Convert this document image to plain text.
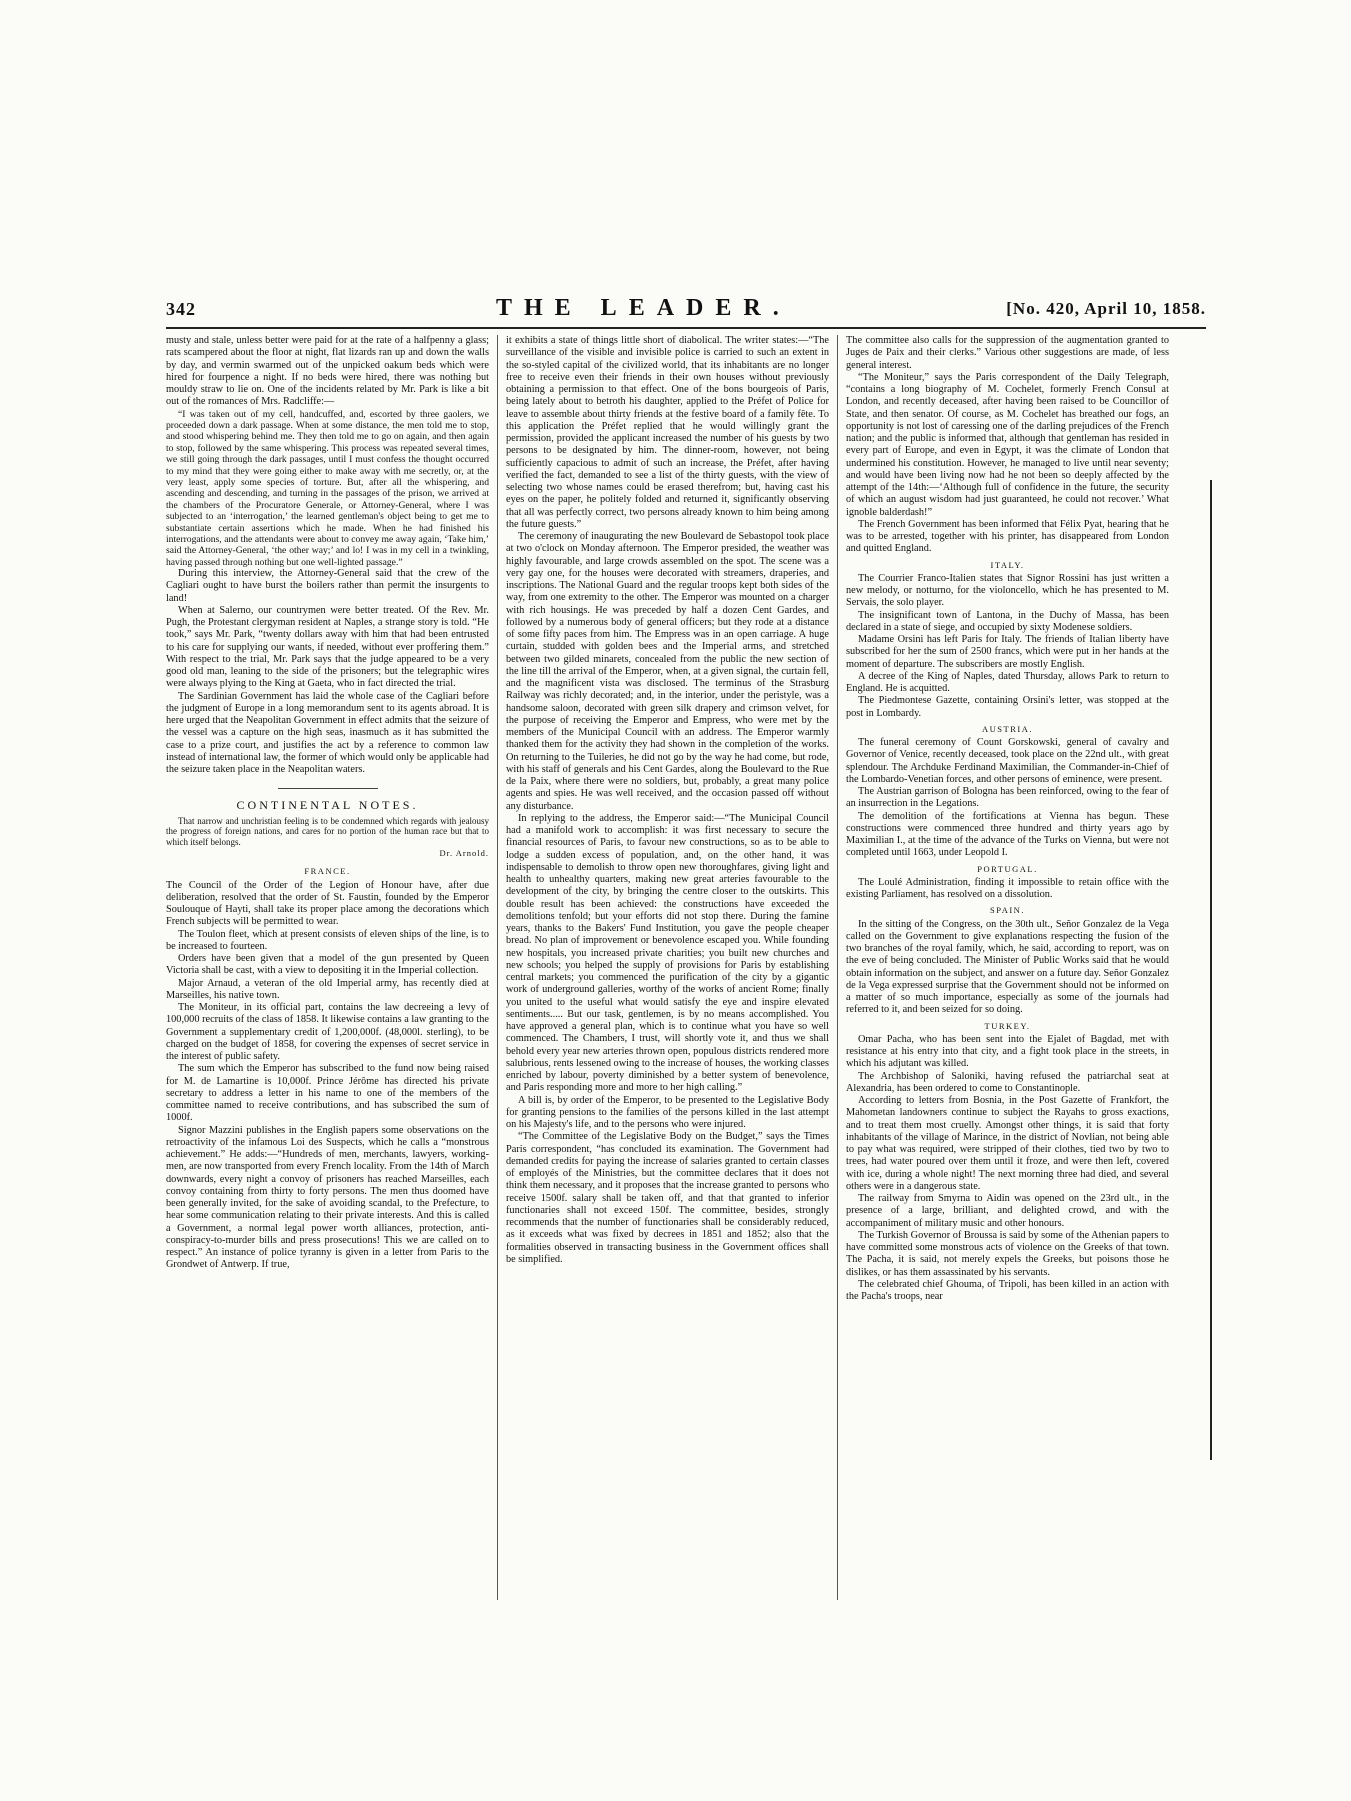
342	THE LEADER.	[No. 420, April 10, 1858.

musty and stale, unless better were paid for at the rate of a halfpenny a glass; rats scampered about the floor at night, flat lizards ran up and down the walls by day, and vermin swarmed out of the unpicked oakum beds which were hired for fourpence a night. If no beds were hired, there was nothing but mouldy straw to lie on. One of the incidents related by Mr. Park is like a bit out of the romances of Mrs. Radcliffe:—

“I was taken out of my cell, handcuffed, and, escorted by three gaolers, we proceeded down a dark passage. When at some distance, the men told me to stop, and stood whispering behind me. They then told me to go on again, and then again to stop, followed by the same whispering. This process was repeated several times, we still going through the dark passages, until I must confess the thought occurred to my mind that they were going either to make away with me secretly, or, at the very least, apply some species of torture. But, after all the whispering, and ascending and descending, and turning in the passages of the prison, we arrived at the chambers of the Procuratore Generale, or Attorney-General, where I was subjected to an ‘interrogation,’ the learned gentleman's object being to get me to substantiate certain assertions which he made. When he had finished his interrogations, and the attendants were about to convey me away again, ‘Take him,’ said the Attorney-General, ‘the other way;’ and lo! I was in my cell in a twinkling, having passed through nothing but one well-lighted passage.”

During this interview, the Attorney-General said that the crew of the Cagliari ought to have burst the boilers rather than permit the insurgents to land!

When at Salerno, our countrymen were better treated. Of the Rev. Mr. Pugh, the Protestant clergyman resident at Naples, a strange story is told. “He took,” says Mr. Park, “twenty dollars away with him that had been entrusted to his care for supplying our wants, if needed, without ever proffering them.” With respect to the trial, Mr. Park says that the judge appeared to be a very good old man, leaning to the side of the prisoners; but the telegraphic wires were always plying to the King at Gaeta, who in fact directed the trial.

The Sardinian Government has laid the whole case of the Cagliari before the judgment of Europe in a long memorandum sent to its agents abroad. It is here urged that the Neapolitan Government in effect admits that the seizure of the vessel was a capture on the high seas, inasmuch as it has submitted the case to a prize court, and justifies the act by a reference to common law instead of international law, the former of which would only be applicable had the seizure taken place in the Neapolitan waters.

CONTINENTAL NOTES.

That narrow and unchristian feeling is to be condemned which regards with jealousy the progress of foreign nations, and cares for no portion of the human race but that to which itself belongs.

Dr. Arnold.
FRANCE.

The Council of the Order of the Legion of Honour have, after due deliberation, resolved that the order of St. Faustin, founded by the Emperor Soulouque of Hayti, shall take its proper place among the decorations which French subjects will be permitted to wear.

The Toulon fleet, which at present consists of eleven ships of the line, is to be increased to fourteen.

Orders have been given that a model of the gun presented by Queen Victoria shall be cast, with a view to depositing it in the Imperial collection.

Major Arnaud, a veteran of the old Imperial army, has recently died at Marseilles, his native town.

The Moniteur, in its official part, contains the law decreeing a levy of 100,000 recruits of the class of 1858. It likewise contains a law granting to the Government a supplementary credit of 1,200,000f. (48,000l. sterling), to be charged on the budget of 1858, for covering the expenses of secret service in the interest of public safety.

The sum which the Emperor has subscribed to the fund now being raised for M. de Lamartine is 10,000f. Prince Jérôme has directed his private secretary to address a letter in his name to one of the members of the committee named to receive contributions, and has subscribed the sum of 1000f.

Signor Mazzini publishes in the English papers some observations on the retroactivity of the infamous Loi des Suspects, which he calls a “monstrous achievement.” He adds:—“Hundreds of men, merchants, lawyers, working-men, are now transported from every French locality. From the 14th of March downwards, every night a convoy of prisoners has reached Marseilles, each convoy containing from thirty to forty persons. The men thus doomed have been generally invited, for the sake of avoiding scandal, to the Prefecture, to hear some communication relating to their private interests. And this is called a Government, a normal legal power worth alliances, protection, anti-conspiracy-to-murder bills and press prosecutions! This we are called on to respect.” An instance of police tyranny is given in a letter from Paris to the Grondwet of Antwerp. If true,

it exhibits a state of things little short of diabolical. The writer states:—“The surveillance of the visible and invisible police is carried to such an extent in the so-styled capital of the civilized world, that its inhabitants are no longer free to receive even their friends in their own houses without previously obtaining a permission to that effect. One of the bons bourgeois of Paris, being lately about to betroth his daughter, applied to the Préfet of Police for leave to assemble about thirty friends at the festive board of a family fête. To this application the Préfet replied that he would willingly grant the permission, provided the applicant increased the number of his guests by two persons to be designated by him. The dinner-room, however, not being sufficiently capacious to admit of such an increase, the Préfet, after having verified the fact, demanded to see a list of the thirty guests, with the view of selecting two whose names could be erased therefrom; but, having cast his eyes on the paper, he politely folded and returned it, significantly observing that all was perfectly correct, two persons already known to him being among the future guests.”

The ceremony of inaugurating the new Boulevard de Sebastopol took place at two o'clock on Monday afternoon. The Emperor presided, the weather was highly favourable, and large crowds assembled on the spot. The scene was a very gay one, for the houses were decorated with streamers, draperies, and inscriptions. The National Guard and the regular troops kept both sides of the way, from one extremity to the other. The Emperor was mounted on a charger with rich housings. He was preceded by half a dozen Cent Gardes, and followed by a numerous body of general officers; but they rode at a distance of some fifty paces from him. The Empress was in an open carriage. A huge curtain, studded with golden bees and the Imperial arms, and stretched between two gilded minarets, concealed from the public the new section of the line till the arrival of the Emperor, when, at a given signal, the curtain fell, and the magnificent vista was disclosed. The terminus of the Strasburg Railway was richly decorated; and, in the interior, under the peristyle, was a handsome saloon, decorated with green silk drapery and crimson velvet, for the purpose of receiving the Emperor and Empress, who were met by the members of the Municipal Council with an address. The Emperor warmly thanked them for the activity they had shown in the completion of the works. On returning to the Tuileries, he did not go by the way he had come, but rode, with his staff of generals and his Cent Gardes, along the Boulevard to the Rue de la Paix, where there were no soldiers, but, probably, a great many police agents and spies. He was well received, and the occasion passed off without any disturbance.

In replying to the address, the Emperor said:—“The Municipal Council had a manifold work to accomplish: it was first necessary to secure the financial resources of Paris, to favour new constructions, so as to be able to lodge a sudden excess of population, and, on the other hand, it was indispensable to demolish to throw open new thoroughfares, giving light and health to unhealthy quarters, making new great arteries favourable to the development of the city, by bringing the centre closer to the outskirts. This double result has been achieved: the constructions have exceeded the demolitions tenfold; but your efforts did not stop there. During the famine years, thanks to the Bakers' Fund Institution, you gave the people cheaper bread. No plan of improvement or benevolence escaped you. While founding new hospitals, you increased private charities; you built new churches and new schools; you helped the supply of provisions for Paris by establishing central markets; you commenced the purification of the city by a gigantic work of underground galleries, worthy of the works of ancient Rome; finally you united to the useful what would satisfy the eye and inspire elevated sentiments..... But our task, gentlemen, is by no means accomplished. You have approved a general plan, which is to continue what you have so well commenced. The Chambers, I trust, will shortly vote it, and thus we shall behold every year new arteries thrown open, populous districts rendered more salubrious, rents lessened owing to the increase of houses, the working classes enriched by labour, poverty diminished by a better system of benevolence, and Paris responding more and more to her high calling.”

A bill is, by order of the Emperor, to be presented to the Legislative Body for granting pensions to the families of the persons killed in the last attempt on his Majesty's life, and to the persons who were injured.

“The Committee of the Legislative Body on the Budget,” says the Times Paris correspondent, “has concluded its examination. The Government had demanded credits for paying the increase of salaries granted to certain classes of employés of the Ministries, but the committee declares that it does not think them necessary, and it proposes that the increase granted to persons who receive 1500f. salary shall be taken off, and that that granted to inferior functionaries shall not exceed 150f. The committee, besides, strongly recommends that the number of functionaries shall be considerably reduced, as it exceeds what was fixed by decrees in 1851 and 1852; also that the formalities observed in transacting business in the Government offices shall be simplified.

The committee also calls for the suppression of the augmentation granted to Juges de Paix and their clerks.” Various other suggestions are made, of less general interest.

“The Moniteur,” says the Paris correspondent of the Daily Telegraph, “contains a long biography of M. Cochelet, formerly French Consul at London, and recently deceased, after having been raised to be Councillor of State, and then senator. Of course, as M. Cochelet has breathed our fogs, an opportunity is not lost of caressing one of the darling prejudices of the French nation; and the public is informed that, although that gentleman has resided in every part of Europe, and even in Egypt, it was the climate of London that undermined his constitution. However, he managed to live until near seventy; and would have been living now had he not been so deeply affected by the attempt of the 14th:—‘Although full of confidence in the future, the security of which an august wisdom had just guaranteed, he could not recover.’ What ignoble balderdash!”

The French Government has been informed that Félix Pyat, hearing that he was to be arrested, together with his printer, has disappeared from London and quitted England.

ITALY.

The Courrier Franco-Italien states that Signor Rossini has just written a new melody, or notturno, for the violoncello, which he has presented to M. Servais, the solo player.

The insignificant town of Lantona, in the Duchy of Massa, has been declared in a state of siege, and occupied by sixty Modenese soldiers.

Madame Orsini has left Paris for Italy. The friends of Italian liberty have subscribed for her the sum of 2500 francs, which were put in her hands at the moment of departure. The subscribers are mostly English.

A decree of the King of Naples, dated Thursday, allows Park to return to England. He is acquitted.

The Piedmontese Gazette, containing Orsini's letter, was stopped at the post in Lombardy.

AUSTRIA.

The funeral ceremony of Count Gorskowski, general of cavalry and Governor of Venice, recently deceased, took place on the 22nd ult., with great splendour. The Archduke Ferdinand Maximilian, the Commander-in-Chief of the Lombardo-Venetian forces, and other persons of eminence, were present.

The Austrian garrison of Bologna has been reinforced, owing to the fear of an insurrection in the Legations.

The demolition of the fortifications at Vienna has begun. These constructions were commenced three hundred and thirty years ago by Maximilian I., at the time of the advance of the Turks on Vienna, but were not completed until 1663, under Leopold I.

PORTUGAL.

The Loulé Administration, finding it impossible to retain office with the existing Parliament, has resolved on a dissolution.

SPAIN.

In the sitting of the Congress, on the 30th ult., Señor Gonzalez de la Vega called on the Government to give explanations respecting the fusion of the two branches of the royal family, which, he said, according to report, was on the eve of being concluded. The Minister of Public Works said that he would obtain information on the subject, and answer on a future day. Señor Gonzalez de la Vega expressed surprise that the Government should not be informed on a matter of so much importance, especially as some of the journals had referred to it, and been seized for so doing.

TURKEY.

Omar Pacha, who has been sent into the Ejalet of Bagdad, met with resistance at his entry into that city, and a fight took place in the streets, in which his adjutant was killed.

The Archbishop of Saloniki, having refused the patriarchal seat at Alexandria, has been ordered to come to Constantinople.

According to letters from Bosnia, in the Post Gazette of Frankfort, the Mahometan landowners continue to subject the Rayahs to gross exactions, and to treat them most cruelly. Amongst other things, it is said that forty inhabitants of the village of Marince, in the district of Novlian, not being able to pay what was required, were stripped of their clothes, tied two by two to trees, had water poured over them until it froze, and were then left, covered with ice, during a whole night! The next morning three had died, and several others were in a dangerous state.

The railway from Smyrna to Aidin was opened on the 23rd ult., in the presence of a large, brilliant, and delighted crowd, and with the accompaniment of military music and other honours.

The Turkish Governor of Broussa is said by some of the Athenian papers to have committed some monstrous acts of violence on the Greeks of that town. The Pacha, it is said, not merely expels the Greeks, but poisons those he dislikes, or has them assassinated by his servants.

The celebrated chief Ghouma, of Tripoli, has been killed in an action with the Pacha's troops, near
